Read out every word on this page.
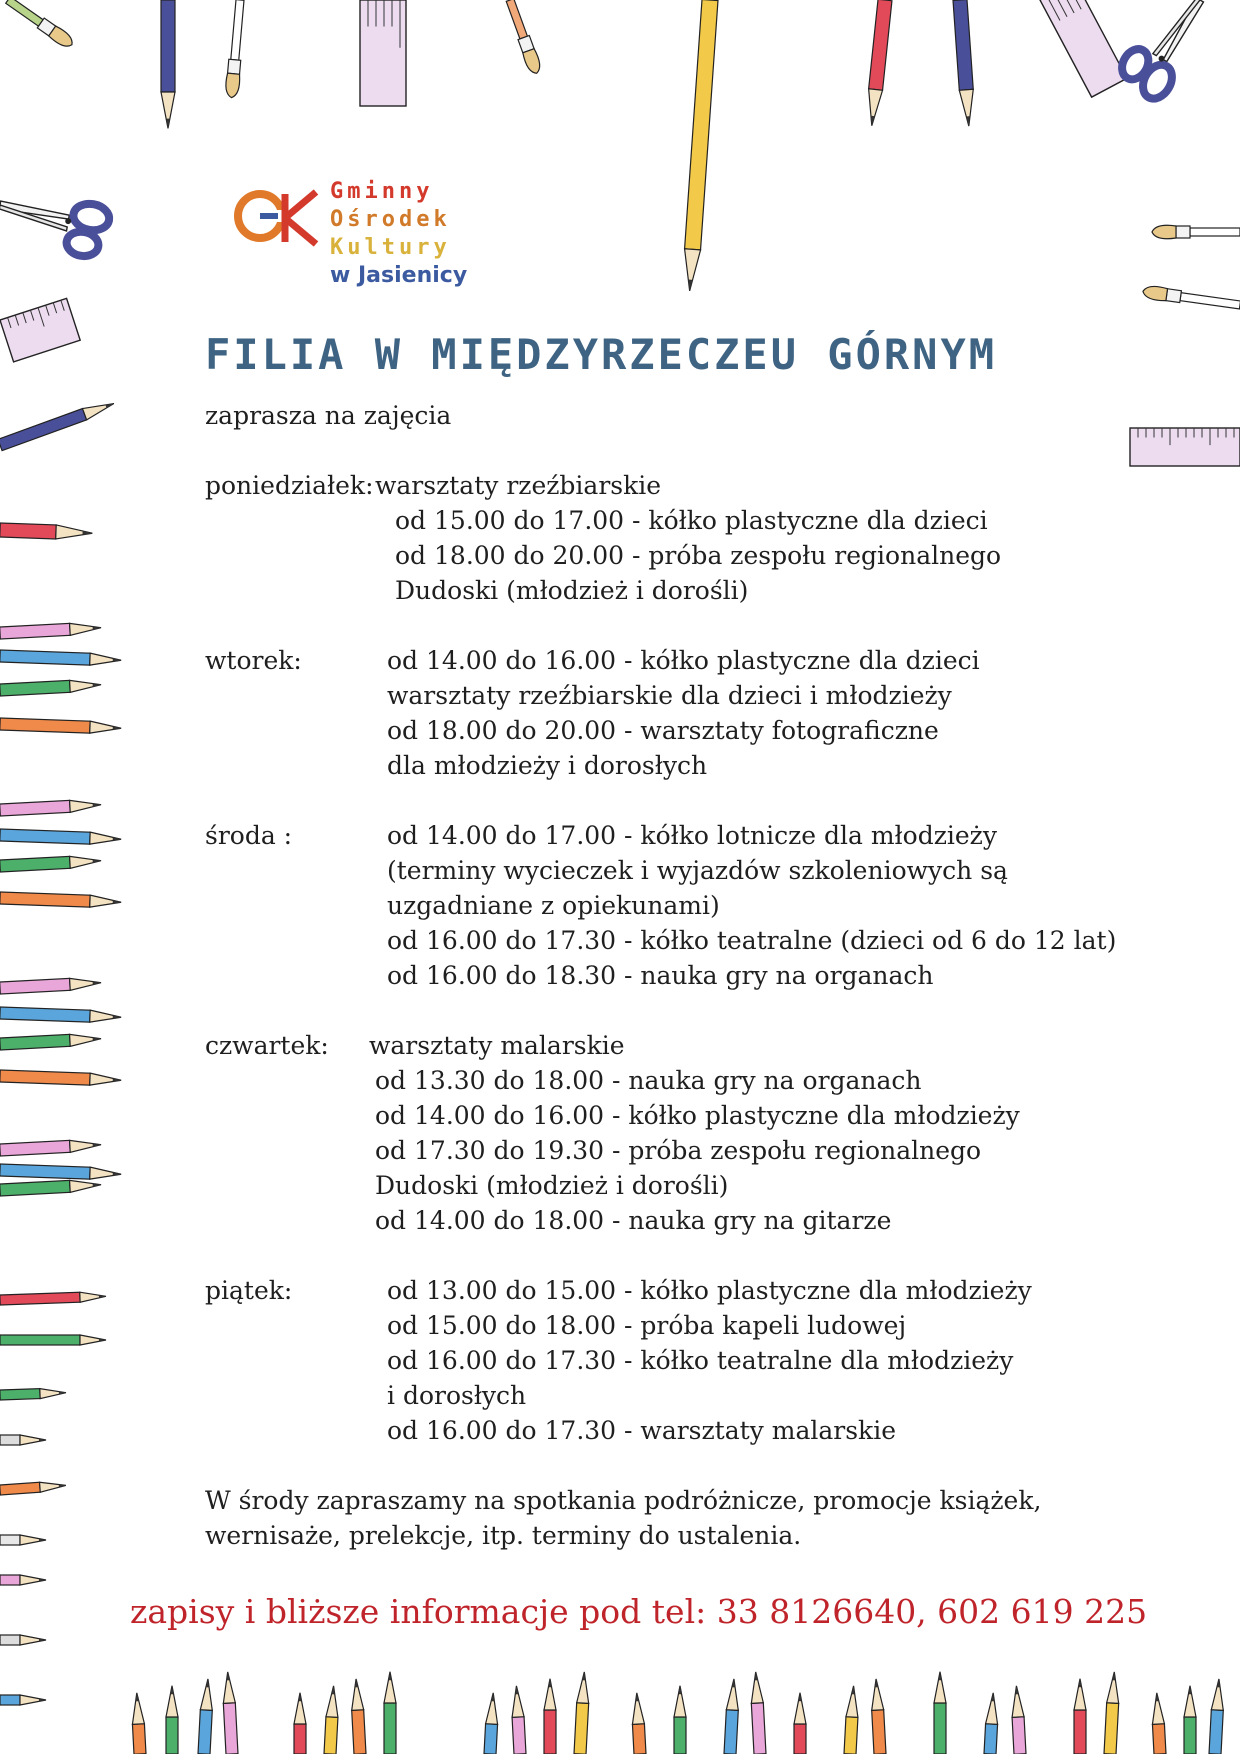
Gminny
Ośrodek
Kultury
w Jasienicy
FILIA W MIĘDZYRZECZEU GÓRNYM
zaprasza na zajęcia
poniedziałek: warsztaty rzeźbiarskie
od 15.00 do 17.00 - kółko plastyczne dla dzieci
od 18.00 do 20.00 - próba zespołu regionalnego
Dudoski (młodzież i dorośli)
wtorek:	od 14.00 do 16.00 - kółko plastyczne dla dzieci
warsztaty rzeźbiarskie dla dzieci i młodzieży
od 18.00 do 20.00 - warsztaty fotograficzne
dla młodzieży i dorosłych
środa :	od 14.00 do 17.00 - kółko lotnicze dla młodzieży
(terminy wycieczek i wyjazdów szkoleniowych są
uzgadniane z opiekunami)
od 16.00 do 17.30 - kółko teatralne (dzieci od 6 do 12 lat)
od 16.00 do 18.30 - nauka gry na organach
czwartek:	warsztaty malarskie
od 13.30 do 18.00 - nauka gry na organach
od 14.00 do 16.00 - kółko plastyczne dla młodzieży
od 17.30 do 19.30 - próba zespołu regionalnego
Dudoski (młodzież i dorośli)
od 14.00 do 18.00 - nauka gry na gitarze
piątek:	od 13.00 do 15.00 - kółko plastyczne dla młodzieży
od 15.00 do 18.00 - próba kapeli ludowej
od 16.00 do 17.30 - kółko teatralne dla młodzieży
i dorosłych
od 16.00 do 17.30 - warsztaty malarskie
W środy zapraszamy na spotkania podróżnicze, promocje książek,
wernisaże, prelekcje, itp. terminy do ustalenia.
zapisy i bliższe informacje pod tel: 33 8126640, 602 619 225
